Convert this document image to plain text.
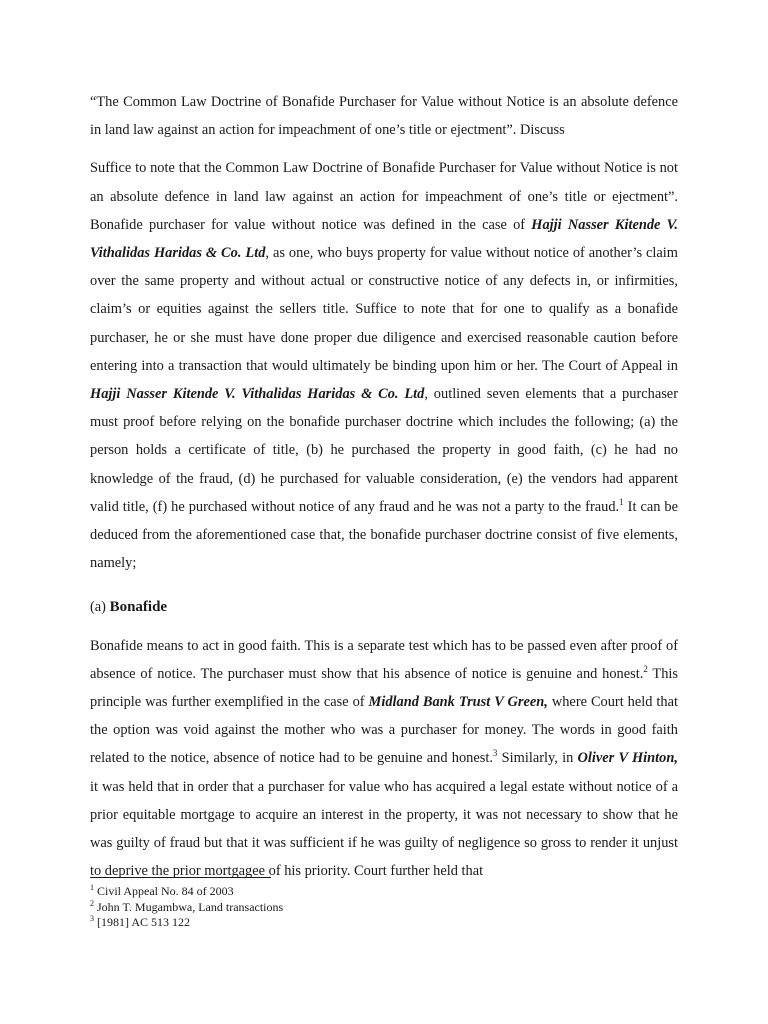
“The Common Law Doctrine of Bonafide Purchaser for Value without Notice is an absolute defence in land law against an action for impeachment of one’s title or ejectment”. Discuss

Suffice to note that the Common Law Doctrine of Bonafide Purchaser for Value without Notice is not an absolute defence in land law against an action for impeachment of one’s title or ejectment”. Bonafide purchaser for value without notice was defined in the case of Hajji Nasser Kitende V. Vithalidas Haridas & Co. Ltd, as one, who buys property for value without notice of another’s claim over the same property and without actual or constructive notice of any defects in, or infirmities, claim’s or equities against the sellers title. Suffice to note that for one to qualify as a bonafide purchaser, he or she must have done proper due diligence and exercised reasonable caution before entering into a transaction that would ultimately be binding upon him or her. The Court of Appeal in Hajji Nasser Kitende V. Vithalidas Haridas & Co. Ltd, outlined seven elements that a purchaser must proof before relying on the bonafide purchaser doctrine which includes the following; (a) the person holds a certificate of title, (b) he purchased the property in good faith, (c) he had no knowledge of the fraud, (d) he purchased for valuable consideration, (e) the vendors had apparent valid title, (f) he purchased without notice of any fraud and he was not a party to the fraud.$^1$ It can be deduced from the aforementioned case that, the bonafide purchaser doctrine consist of five elements, namely;

(a) Bonafide

Bonafide means to act in good faith. This is a separate test which has to be passed even after proof of absence of notice. The purchaser must show that his absence of notice is genuine and honest.$^2$ This principle was further exemplified in the case of Midland Bank Trust V Green, where Court held that the option was void against the mother who was a purchaser for money. The words in good faith related to the notice, absence of notice had to be genuine and honest.$^3$ Similarly, in Oliver V Hinton, it was held that in order that a purchaser for value who has acquired a legal estate without notice of a prior equitable mortgage to acquire an interest in the property, it was not necessary to show that he was guilty of fraud but that it was sufficient if he was guilty of negligence so gross to render it unjust to deprive the prior mortgagee of his priority. Court further held that

$^1$ Civil Appeal No. 84 of 2003
$^2$ John T. Mugambwa, Land transactions
$^3$ [1981] AC 513 122
